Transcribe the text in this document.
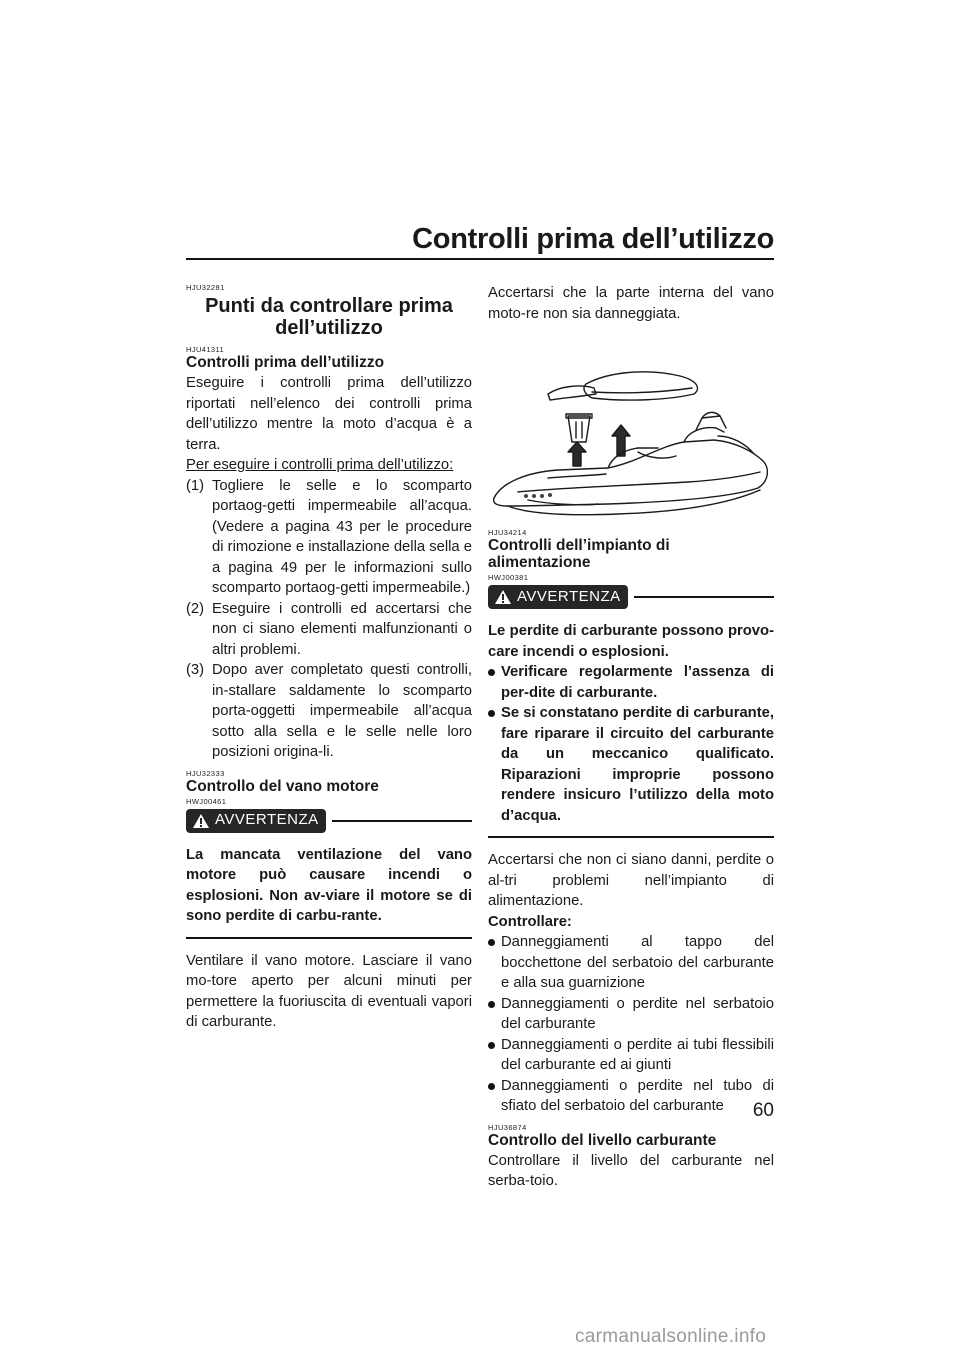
Controlli prima dell’utilizzo
HJU32281
Punti da controllare prima dell’utilizzo
HJU41311
Controlli prima dell’utilizzo

Eseguire i controlli prima dell’utilizzo riportati nell’elenco dei controlli prima dell’utilizzo mentre la moto d’acqua è a terra.

Per eseguire i controlli prima dell’utilizzo:

(1) Togliere le selle e lo scomparto portaog-getti impermeabile all’acqua. (Vedere a pagina 43 per le procedure di rimozione e installazione della sella e a pagina 49 per le informazioni sullo scomparto portaog-getti impermeabile.)
(2) Eseguire i controlli ed accertarsi che non ci siano elementi malfunzionanti o altri problemi.
(3) Dopo aver completato questi controlli, in-stallare saldamente lo scomparto porta-oggetti impermeabile all’acqua sotto alla sella e le selle nelle loro posizioni origina-li.
HJU32333
Controllo del vano motore
HWJ00461
AVVERTENZA

La mancata ventilazione del vano motore può causare incendi o esplosioni. Non av-viare il motore se di sono perdite di carbu-rante.

Ventilare il vano motore. Lasciare il vano mo-tore aperto per alcuni minuti per permettere la fuoriuscita di eventuali vapori di carburante.

Accertarsi che la parte interna del vano moto-re non sia danneggiata.

HJU34214
Controlli dell’impianto di alimentazione
HWJ00381
AVVERTENZA

Le perdite di carburante possono provo-care incendi o esplosioni.

Verificare regolarmente l’assenza di per-dite di carburante.
Se si constatano perdite di carburante, fare riparare il circuito del carburante da un meccanico qualificato. Riparazioni improprie possono rendere insicuro l’utilizzo della moto d’acqua.

Accertarsi che non ci siano danni, perdite o al-tri problemi nell’impianto di alimentazione.

Controllare:

Danneggiamenti al tappo del bocchettone del serbatoio del carburante e alla sua guarnizione
Danneggiamenti o perdite nel serbatoio del carburante
Danneggiamenti o perdite ai tubi flessibili del carburante ed ai giunti
Danneggiamenti o perdite nel tubo di sfiato del serbatoio del carburante
HJU36874
Controllo del livello carburante

Controllare il livello del carburante nel serba-toio.

60
carmanualsonline.info
